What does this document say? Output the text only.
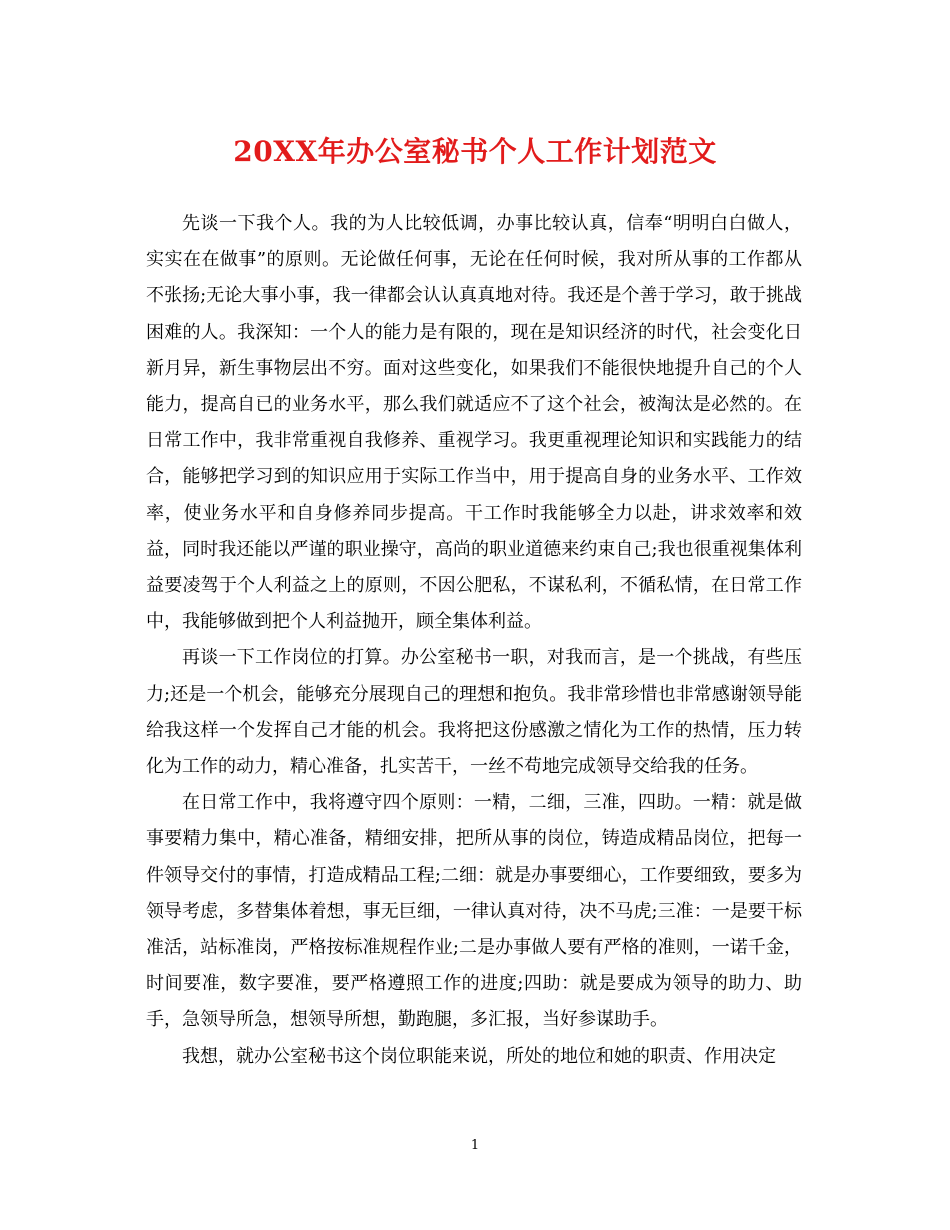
20XX年办公室秘书个人工作计划范文

先谈一下我个人。我的为人比较低调，办事比较认真，信奉“明明白白做人，实实在在做事”的原则。无论做任何事，无论在任何时候，我对所从事的工作都从不张扬;无论大事小事，我一律都会认认真真地对待。我还是个善于学习，敢于挑战困难的人。我深知：一个人的能力是有限的，现在是知识经济的时代，社会变化日新月异，新生事物层出不穷。面对这些变化，如果我们不能很快地提升自己的个人能力，提高自已的业务水平，那么我们就适应不了这个社会，被淘汰是必然的。在日常工作中，我非常重视自我修养、重视学习。我更重视理论知识和实践能力的结合，能够把学习到的知识应用于实际工作当中，用于提高自身的业务水平、工作效率，使业务水平和自身修养同步提高。干工作时我能够全力以赴，讲求效率和效益，同时我还能以严谨的职业操守，高尚的职业道德来约束自己;我也很重视集体利益要凌驾于个人利益之上的原则，不因公肥私，不谋私利，不循私情，在日常工作中，我能够做到把个人利益抛开，顾全集体利益。

再谈一下工作岗位的打算。办公室秘书一职，对我而言，是一个挑战，有些压力;还是一个机会，能够充分展现自己的理想和抱负。我非常珍惜也非常感谢领导能给我这样一个发挥自己才能的机会。我将把这份感激之情化为工作的热情，压力转化为工作的动力，精心准备，扎实苦干，一丝不苟地完成领导交给我的任务。

在日常工作中，我将遵守四个原则：一精，二细，三准，四助。一精：就是做事要精力集中，精心准备，精细安排，把所从事的岗位，铸造成精品岗位，把每一件领导交付的事情，打造成精品工程;二细：就是办事要细心，工作要细致，要多为领导考虑，多替集体着想，事无巨细，一律认真对待，决不马虎;三准：一是要干标准活，站标准岗，严格按标准规程作业;二是办事做人要有严格的准则，一诺千金，时间要准，数字要准，要严格遵照工作的进度;四助：就是要成为领导的助力、助手，急领导所急，想领导所想，勤跑腿，多汇报，当好参谋助手。

我想，就办公室秘书这个岗位职能来说，所处的地位和她的职责、作用决定

1
